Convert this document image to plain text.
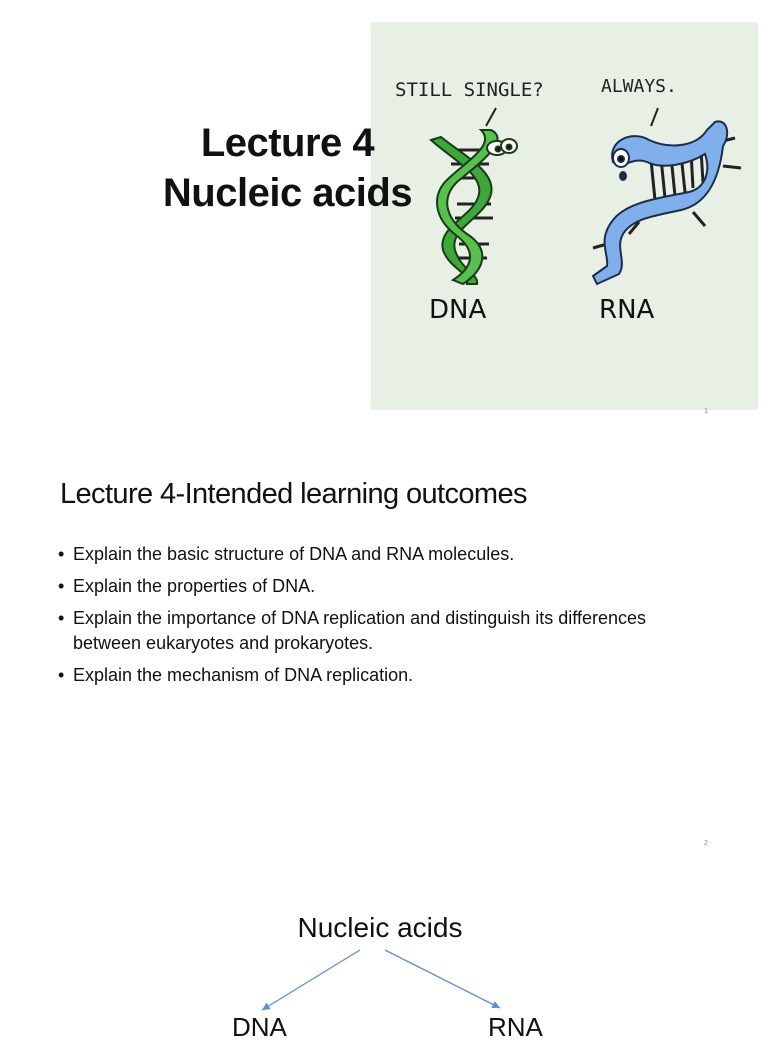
Lecture 4
Nucleic acids
STILL SINGLE?	ALWAYS.
DNA	RNA
1
Lecture 4-Intended learning outcomes
• Explain the basic structure of DNA and RNA molecules.
• Explain the properties of DNA.
• Explain the importance of DNA replication and distinguish its differences between eukaryotes and prokaryotes.
• Explain the mechanism of DNA replication.
2
Nucleic acids
DNA	RNA
